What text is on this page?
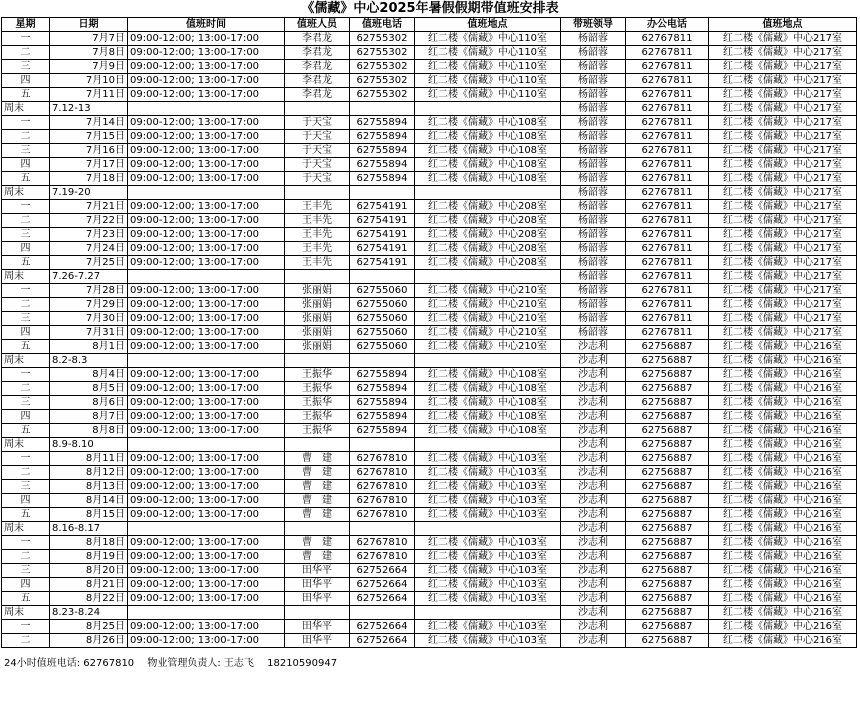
《儒藏》中心2025年暑假假期带值班安排表
星期	日期	值班时间	值班人员	值班电话	值班地点	带班领导	办公电话	值班地点
一	7月7日	09:00-12:00; 13:00-17:00	李君龙	62755302	红二楼《儒藏》中心110室	杨韶蓉	62767811	红二楼《儒藏》中心217室
二	7月8日	09:00-12:00; 13:00-17:00	李君龙	62755302	红二楼《儒藏》中心110室	杨韶蓉	62767811	红二楼《儒藏》中心217室
三	7月9日	09:00-12:00; 13:00-17:00	李君龙	62755302	红二楼《儒藏》中心110室	杨韶蓉	62767811	红二楼《儒藏》中心217室
四	7月10日	09:00-12:00; 13:00-17:00	李君龙	62755302	红二楼《儒藏》中心110室	杨韶蓉	62767811	红二楼《儒藏》中心217室
五	7月11日	09:00-12:00; 13:00-17:00	李君龙	62755302	红二楼《儒藏》中心110室	杨韶蓉	62767811	红二楼《儒藏》中心217室
周末	7.12-13					杨韶蓉	62767811	红二楼《儒藏》中心217室
一	7月14日	09:00-12:00; 13:00-17:00	于天宝	62755894	红二楼《儒藏》中心108室	杨韶蓉	62767811	红二楼《儒藏》中心217室
二	7月15日	09:00-12:00; 13:00-17:00	于天宝	62755894	红二楼《儒藏》中心108室	杨韶蓉	62767811	红二楼《儒藏》中心217室
三	7月16日	09:00-12:00; 13:00-17:00	于天宝	62755894	红二楼《儒藏》中心108室	杨韶蓉	62767811	红二楼《儒藏》中心217室
四	7月17日	09:00-12:00; 13:00-17:00	于天宝	62755894	红二楼《儒藏》中心108室	杨韶蓉	62767811	红二楼《儒藏》中心217室
五	7月18日	09:00-12:00; 13:00-17:00	于天宝	62755894	红二楼《儒藏》中心108室	杨韶蓉	62767811	红二楼《儒藏》中心217室
周末	7.19-20					杨韶蓉	62767811	红二楼《儒藏》中心217室
一	7月21日	09:00-12:00; 13:00-17:00	王丰先	62754191	红二楼《儒藏》中心208室	杨韶蓉	62767811	红二楼《儒藏》中心217室
二	7月22日	09:00-12:00; 13:00-17:00	王丰先	62754191	红二楼《儒藏》中心208室	杨韶蓉	62767811	红二楼《儒藏》中心217室
三	7月23日	09:00-12:00; 13:00-17:00	王丰先	62754191	红二楼《儒藏》中心208室	杨韶蓉	62767811	红二楼《儒藏》中心217室
四	7月24日	09:00-12:00; 13:00-17:00	王丰先	62754191	红二楼《儒藏》中心208室	杨韶蓉	62767811	红二楼《儒藏》中心217室
五	7月25日	09:00-12:00; 13:00-17:00	王丰先	62754191	红二楼《儒藏》中心208室	杨韶蓉	62767811	红二楼《儒藏》中心217室
周末	7.26-7.27					杨韶蓉	62767811	红二楼《儒藏》中心217室
一	7月28日	09:00-12:00; 13:00-17:00	张丽娟	62755060	红二楼《儒藏》中心210室	杨韶蓉	62767811	红二楼《儒藏》中心217室
二	7月29日	09:00-12:00; 13:00-17:00	张丽娟	62755060	红二楼《儒藏》中心210室	杨韶蓉	62767811	红二楼《儒藏》中心217室
三	7月30日	09:00-12:00; 13:00-17:00	张丽娟	62755060	红二楼《儒藏》中心210室	杨韶蓉	62767811	红二楼《儒藏》中心217室
四	7月31日	09:00-12:00; 13:00-17:00	张丽娟	62755060	红二楼《儒藏》中心210室	杨韶蓉	62767811	红二楼《儒藏》中心217室
五	8月1日	09:00-12:00; 13:00-17:00	张丽娟	62755060	红二楼《儒藏》中心210室	沙志利	62756887	红二楼《儒藏》中心216室
周末	8.2-8.3					沙志利	62756887	红二楼《儒藏》中心216室
一	8月4日	09:00-12:00; 13:00-17:00	王振华	62755894	红二楼《儒藏》中心108室	沙志利	62756887	红二楼《儒藏》中心216室
二	8月5日	09:00-12:00; 13:00-17:00	王振华	62755894	红二楼《儒藏》中心108室	沙志利	62756887	红二楼《儒藏》中心216室
三	8月6日	09:00-12:00; 13:00-17:00	王振华	62755894	红二楼《儒藏》中心108室	沙志利	62756887	红二楼《儒藏》中心216室
四	8月7日	09:00-12:00; 13:00-17:00	王振华	62755894	红二楼《儒藏》中心108室	沙志利	62756887	红二楼《儒藏》中心216室
五	8月8日	09:00-12:00; 13:00-17:00	王振华	62755894	红二楼《儒藏》中心108室	沙志利	62756887	红二楼《儒藏》中心216室
周末	8.9-8.10					沙志利	62756887	红二楼《儒藏》中心216室
一	8月11日	09:00-12:00; 13:00-17:00	曹　建	62767810	红二楼《儒藏》中心103室	沙志利	62756887	红二楼《儒藏》中心216室
二	8月12日	09:00-12:00; 13:00-17:00	曹　建	62767810	红二楼《儒藏》中心103室	沙志利	62756887	红二楼《儒藏》中心216室
三	8月13日	09:00-12:00; 13:00-17:00	曹　建	62767810	红二楼《儒藏》中心103室	沙志利	62756887	红二楼《儒藏》中心216室
四	8月14日	09:00-12:00; 13:00-17:00	曹　建	62767810	红二楼《儒藏》中心103室	沙志利	62756887	红二楼《儒藏》中心216室
五	8月15日	09:00-12:00; 13:00-17:00	曹　建	62767810	红二楼《儒藏》中心103室	沙志利	62756887	红二楼《儒藏》中心216室
周末	8.16-8.17					沙志利	62756887	红二楼《儒藏》中心216室
一	8月18日	09:00-12:00; 13:00-17:00	曹　建	62767810	红二楼《儒藏》中心103室	沙志利	62756887	红二楼《儒藏》中心216室
二	8月19日	09:00-12:00; 13:00-17:00	曹　建	62767810	红二楼《儒藏》中心103室	沙志利	62756887	红二楼《儒藏》中心216室
三	8月20日	09:00-12:00; 13:00-17:00	田华平	62752664	红二楼《儒藏》中心103室	沙志利	62756887	红二楼《儒藏》中心216室
四	8月21日	09:00-12:00; 13:00-17:00	田华平	62752664	红二楼《儒藏》中心103室	沙志利	62756887	红二楼《儒藏》中心216室
五	8月22日	09:00-12:00; 13:00-17:00	田华平	62752664	红二楼《儒藏》中心103室	沙志利	62756887	红二楼《儒藏》中心216室
周末	8.23-8.24					沙志利	62756887	红二楼《儒藏》中心216室
一	8月25日	09:00-12:00; 13:00-17:00	田华平	62752664	红二楼《儒藏》中心103室	沙志利	62756887	红二楼《儒藏》中心216室
二	8月26日	09:00-12:00; 13:00-17:00	田华平	62752664	红二楼《儒藏》中心103室	沙志利	62756887	红二楼《儒藏》中心216室
24小时值班电话: 62767810 物业管理负责人: 王志飞 18210590947
